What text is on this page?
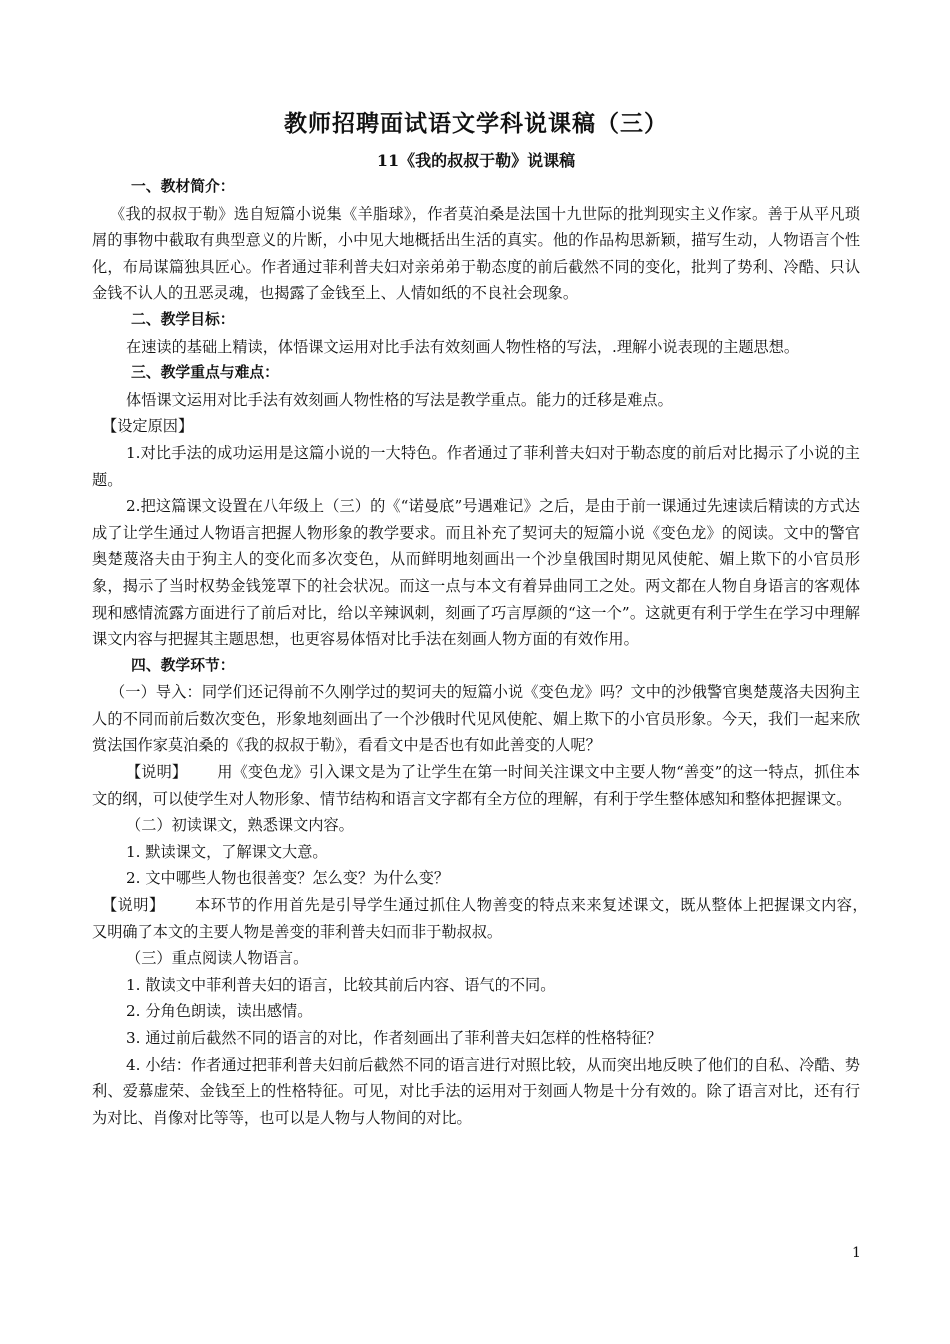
教师招聘面试语文学科说课稿（三）
11《我的叔叔于勒》说课稿

一、教材简介：

《我的叔叔于勒》选自短篇小说集《羊脂球》，作者莫泊桑是法国十九世际的批判现实主义作家。善于从平凡琐屑的事物中截取有典型意义的片断，小中见大地概括出生活的真实。他的作品构思新颖，描写生动，人物语言个性化，布局谋篇独具匠心。作者通过菲利普夫妇对亲弟弟于勒态度的前后截然不同的变化，批判了势利、冷酷、只认金钱不认人的丑恶灵魂，也揭露了金钱至上、人情如纸的不良社会现象。

二、教学目标：

在速读的基础上精读，体悟课文运用对比手法有效刻画人物性格的写法，.理解小说表现的主题思想。

三、教学重点与难点：

体悟课文运用对比手法有效刻画人物性格的写法是教学重点。能力的迁移是难点。

【设定原因】

1.对比手法的成功运用是这篇小说的一大特色。作者通过了菲利普夫妇对于勒态度的前后对比揭示了小说的主题。

2.把这篇课文设置在八年级上（三）的《“诺曼底”号遇难记》之后，是由于前一课通过先速读后精读的方式达成了让学生通过人物语言把握人物形象的教学要求。而且补充了契诃夫的短篇小说《变色龙》的阅读。文中的警官奥楚蔑洛夫由于狗主人的变化而多次变色，从而鲜明地刻画出一个沙皇俄国时期见风使舵、媚上欺下的小官员形象，揭示了当时权势金钱笼罩下的社会状况。而这一点与本文有着异曲同工之处。两文都在人物自身语言的客观体现和感情流露方面进行了前后对比，给以辛辣讽刺，刻画了巧言厚颜的“这一个”。这就更有利于学生在学习中理解课文内容与把握其主题思想，也更容易体悟对比手法在刻画人物方面的有效作用。

四、教学环节：

（一）导入：同学们还记得前不久刚学过的契诃夫的短篇小说《变色龙》吗？文中的沙俄警官奥楚蔑洛夫因狗主人的不同而前后数次变色，形象地刻画出了一个沙俄时代见风使舵、媚上欺下的小官员形象。今天，我们一起来欣赏法国作家莫泊桑的《我的叔叔于勒》，看看文中是否也有如此善变的人呢？

【说明】 用《变色龙》引入课文是为了让学生在第一时间关注课文中主要人物“善变”的这一特点，抓住本文的纲，可以使学生对人物形象、情节结构和语言文字都有全方位的理解，有利于学生整体感知和整体把握课文。

（二）初读课文，熟悉课文内容。

1. 默读课文，了解课文大意。

2. 文中哪些人物也很善变？怎么变？为什么变？

【说明】 本环节的作用首先是引导学生通过抓住人物善变的特点来来复述课文，既从整体上把握课文内容，　又明确了本文的主要人物是善变的菲利普夫妇而非于勒叔叔。

（三）重点阅读人物语言。

1. 散读文中菲利普夫妇的语言，比较其前后内容、语气的不同。

2. 分角色朗读，读出感情。

3. 通过前后截然不同的语言的对比，作者刻画出了菲利普夫妇怎样的性格特征？

4. 小结：作者通过把菲利普夫妇前后截然不同的语言进行对照比较，从而突出地反映了他们的自私、冷酷、势利、爱慕虚荣、金钱至上的性格特征。可见，对比手法的运用对于刻画人物是十分有效的。除了语言对比，还有行为对比、肖像对比等等，也可以是人物与人物间的对比。

1
